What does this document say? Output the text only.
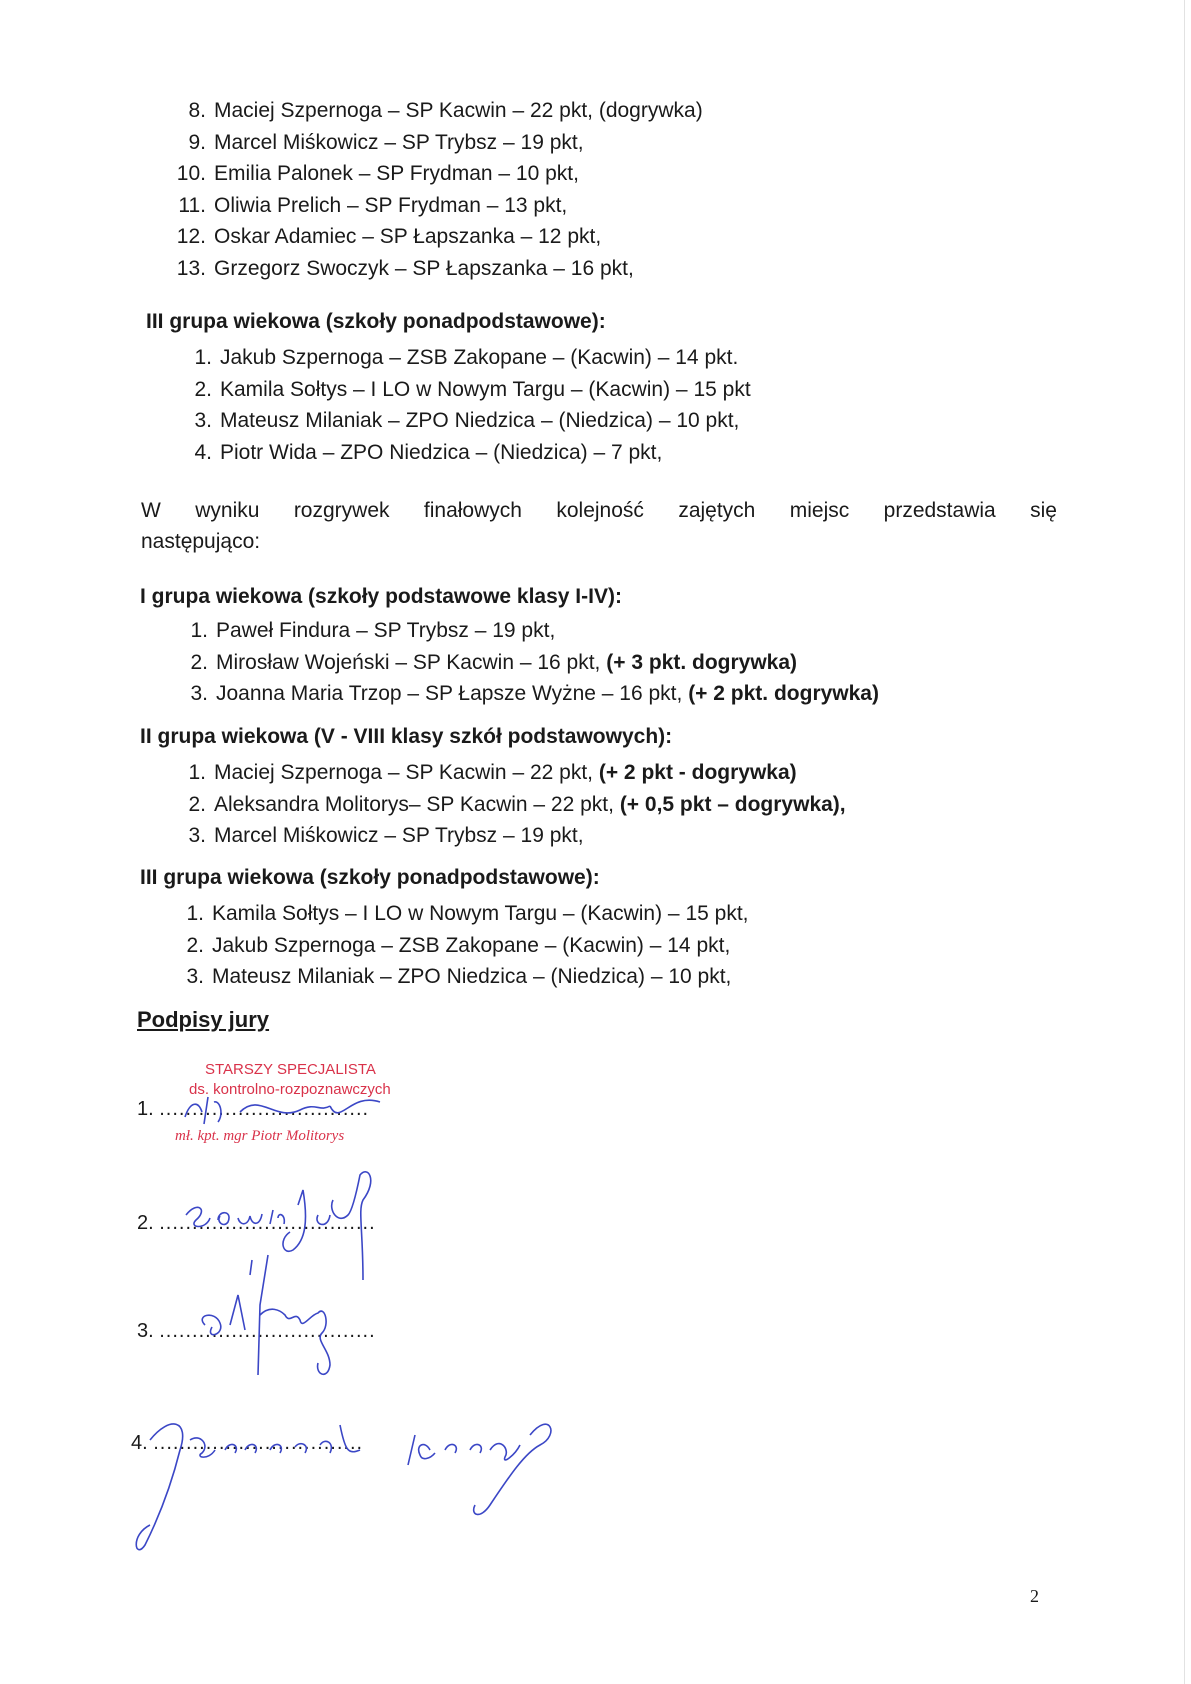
8. Maciej Szpernoga – SP Kacwin – 22 pkt, (dogrywka)
9. Marcel Miśkowicz – SP Trybsz – 19 pkt,
10. Emilia Palonek – SP Frydman – 10 pkt,
11. Oliwia Prelich – SP Frydman – 13 pkt,
12. Oskar Adamiec – SP Łapszanka – 12 pkt,
13. Grzegorz Swoczyk – SP Łapszanka – 16 pkt,
III grupa wiekowa (szkoły ponadpodstawowe):
1. Jakub Szpernoga – ZSB Zakopane – (Kacwin) – 14 pkt.
2. Kamila Sołtys – I LO w Nowym Targu – (Kacwin) – 15 pkt
3. Mateusz Milaniak – ZPO Niedzica – (Niedzica) – 10 pkt,
4. Piotr Wida – ZPO Niedzica – (Niedzica) – 7 pkt,
W wyniku rozgrywek finałowych kolejność zajętych miejsc przedstawia się
następująco:
I grupa wiekowa (szkoły podstawowe klasy I-IV):
1. Paweł Findura – SP Trybsz – 19 pkt,
2. Mirosław Wojeński – SP Kacwin – 16 pkt, (+ 3 pkt. dogrywka)
3. Joanna Maria Trzop – SP Łapsze Wyżne – 16 pkt, (+ 2 pkt. dogrywka)
II grupa wiekowa (V - VIII klasy szkół podstawowych):
1. Maciej Szpernoga – SP Kacwin – 22 pkt, (+ 2 pkt - dogrywka)
2. Aleksandra Molitorys– SP Kacwin – 22 pkt, (+ 0,5 pkt – dogrywka),
3. Marcel Miśkowicz – SP Trybsz – 19 pkt,
III grupa wiekowa (szkoły ponadpodstawowe):
1. Kamila Sołtys – I LO w Nowym Targu – (Kacwin) – 15 pkt,
2. Jakub Szpernoga – ZSB Zakopane – (Kacwin) – 14 pkt,
3. Mateusz Milaniak – ZPO Niedzica – (Niedzica) – 10 pkt,
Podpisy jury
STARSZY SPECJALISTA
ds. kontrolno-rozpoznawczych
mł. kpt. mgr Piotr Molitorys
1. ................................
2. .................................
3. .................................
4. ................................
2
